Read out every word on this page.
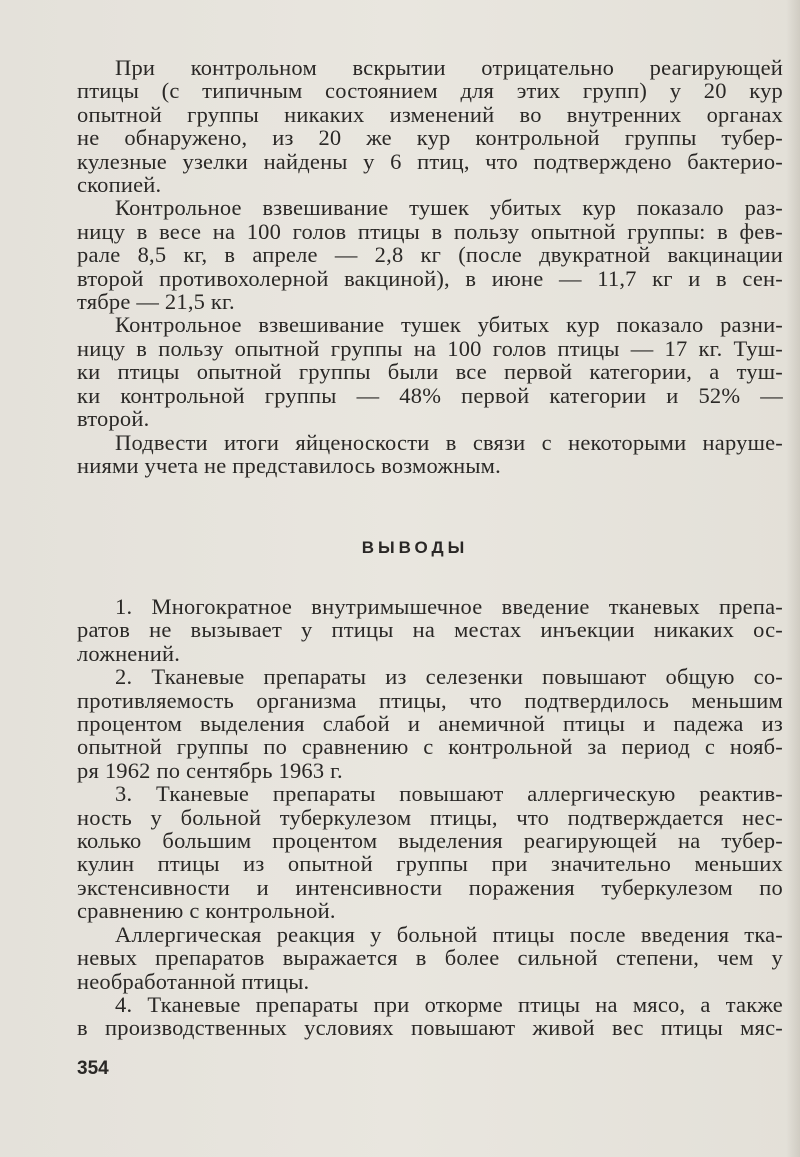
При контрольном вскрытии отрицательно реагирующей
птицы (с типичным состоянием для этих групп) у 20 кур
опытной группы никаких изменений во внутренних органах
не обнаружено, из 20 же кур контрольной группы тубер-
кулезные узелки найдены у 6 птиц, что подтверждено бактерио-
скопией.
Контрольное взвешивание тушек убитых кур показало раз-
ницу в весе на 100 голов птицы в пользу опытной группы: в фев-
рале 8,5 кг, в апреле — 2,8 кг (после двукратной вакцинации
второй противохолерной вакциной), в июне — 11,7 кг и в сен-
тябре — 21,5 кг.
Контрольное взвешивание тушек убитых кур показало разни-
ницу в пользу опытной группы на 100 голов птицы — 17 кг. Туш-
ки птицы опытной группы были все первой категории, а туш-
ки контрольной группы — 48% первой категории и 52% —
второй.
Подвести итоги яйценоскости в связи с некоторыми наруше-
ниями учета не представилось возможным.
ВЫВОДЫ
1. Многократное внутримышечное введение тканевых препа-
ратов не вызывает у птицы на местах инъекции никаких ос-
ложнений.
2. Тканевые препараты из селезенки повышают общую со-
противляемость организма птицы, что подтвердилось меньшим
процентом выделения слабой и анемичной птицы и падежа из
опытной группы по сравнению с контрольной за период с нояб-
ря 1962 по сентябрь 1963 г.
3. Тканевые препараты повышают аллергическую реактив-
ность у больной туберкулезом птицы, что подтверждается нес-
колько большим процентом выделения реагирующей на тубер-
кулин птицы из опытной группы при значительно меньших
экстенсивности и интенсивности поражения туберкулезом по
сравнению с контрольной.
Аллергическая реакция у больной птицы после введения тка-
невых препаратов выражается в более сильной степени, чем у
необработанной птицы.
4. Тканевые препараты при откорме птицы на мясо, а также
в производственных условиях повышают живой вес птицы мяс-
354
